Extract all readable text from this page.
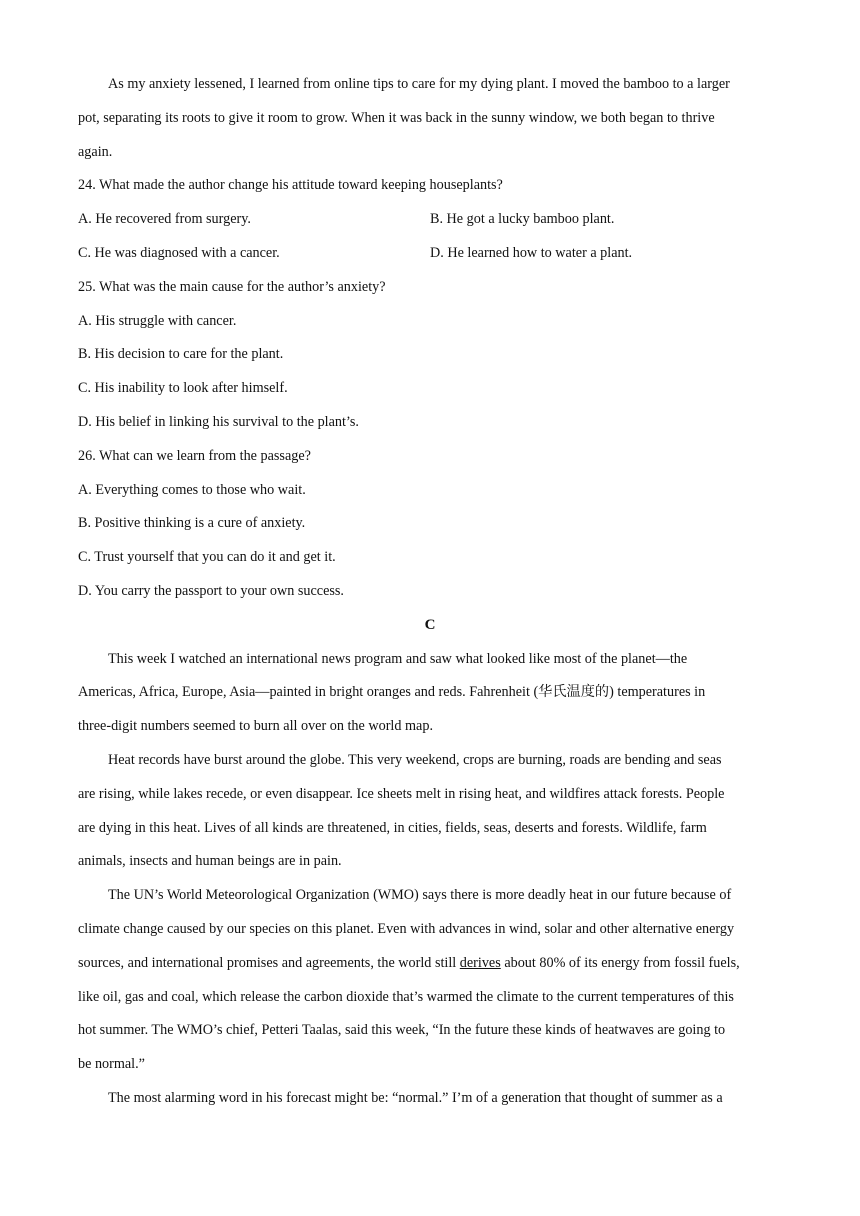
As my anxiety lessened, I learned from online tips to care for my dying plant. I moved the bamboo to a larger
pot, separating its roots to give it room to grow. When it was back in the sunny window, we both began to thrive
again.
24. What made the author change his attitude toward keeping houseplants?
A. He recovered from surgery.	B. He got a lucky bamboo plant.
C. He was diagnosed with a cancer.	D. He learned how to water a plant.
25. What was the main cause for the author’s anxiety?
A. His struggle with cancer.
B. His decision to care for the plant.
C. His inability to look after himself.
D. His belief in linking his survival to the plant’s.
26. What can we learn from the passage?
A. Everything comes to those who wait.
B. Positive thinking is a cure of anxiety.
C. Trust yourself that you can do it and get it.
D. You carry the passport to your own success.
C
This week I watched an international news program and saw what looked like most of the planet—the
Americas, Africa, Europe, Asia—painted in bright oranges and reds. Fahrenheit (华氏温度的) temperatures in
three-digit numbers seemed to burn all over on the world map.
Heat records have burst around the globe. This very weekend, crops are burning, roads are bending and seas
are rising, while lakes recede, or even disappear. Ice sheets melt in rising heat, and wildfires attack forests. People
are dying in this heat. Lives of all kinds are threatened, in cities, fields, seas, deserts and forests. Wildlife, farm
animals, insects and human beings are in pain.
The UN’s World Meteorological Organization (WMO) says there is more deadly heat in our future because of
climate change caused by our species on this planet. Even with advances in wind, solar and other alternative energy
sources, and international promises and agreements, the world still derives about 80% of its energy from fossil fuels,
like oil, gas and coal, which release the carbon dioxide that’s warmed the climate to the current temperatures of this
hot summer. The WMO’s chief, Petteri Taalas, said this week, “In the future these kinds of heatwaves are going to
be normal.”
The most alarming word in his forecast might be: “normal.” I’m of a generation that thought of summer as a
